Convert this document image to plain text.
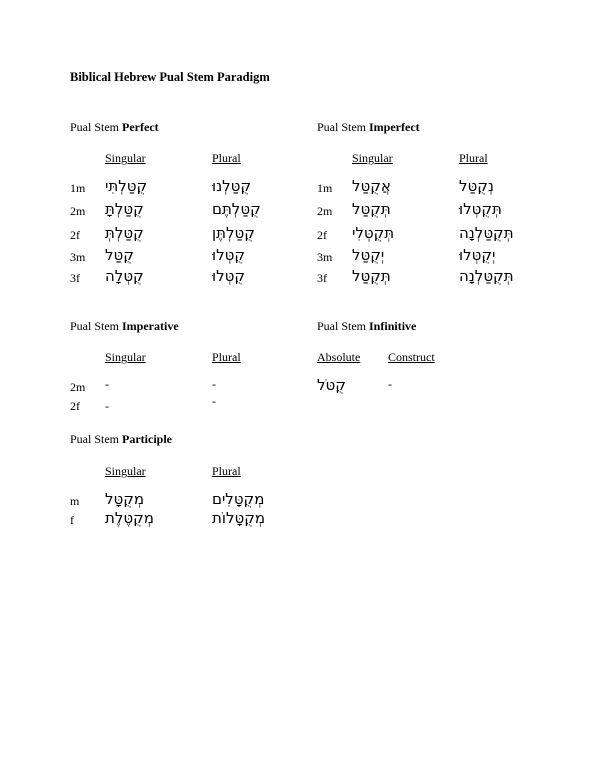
Biblical Hebrew Pual Stem Paradigm
Pual Stem Perfect
Singular	Plural
1m קֻטַּלְתִּי	קֻטַּלְנוּ
2m קֻטַּלְתָּ	קֻטַּלְתֶּם
2f קֻטַּלְתְּ	קֻטַּלְתֶּן
3m קֻטַּל	קֻטְּלוּ
3f קֻטְּלָה	קֻטְּלוּ
Pual Stem Imperfect
Singular	Plural
1m אֲקֻטַּל	נְקֻטַּל
2m תְּקֻטַּל	תְּקֻטְּלוּ
2f תְּקֻטְּלִי	תְּקֻטַּלְנָה
3m יְקֻטַּל	יְקֻטְּלוּ
3f תְּקֻטַּל	תְּקֻטַּלְנָה
Pual Stem Imperative
Singular	Plural
2m -	-
2f -	-
Pual Stem Infinitive
Absolute Construct
קֻטֹּל	-
Pual Stem Participle
Singular	Plural
m מְקֻטָּל	מְקֻטָּלִים
f מְקֻטֶּלֶת	מְקֻטָּלוֹת
